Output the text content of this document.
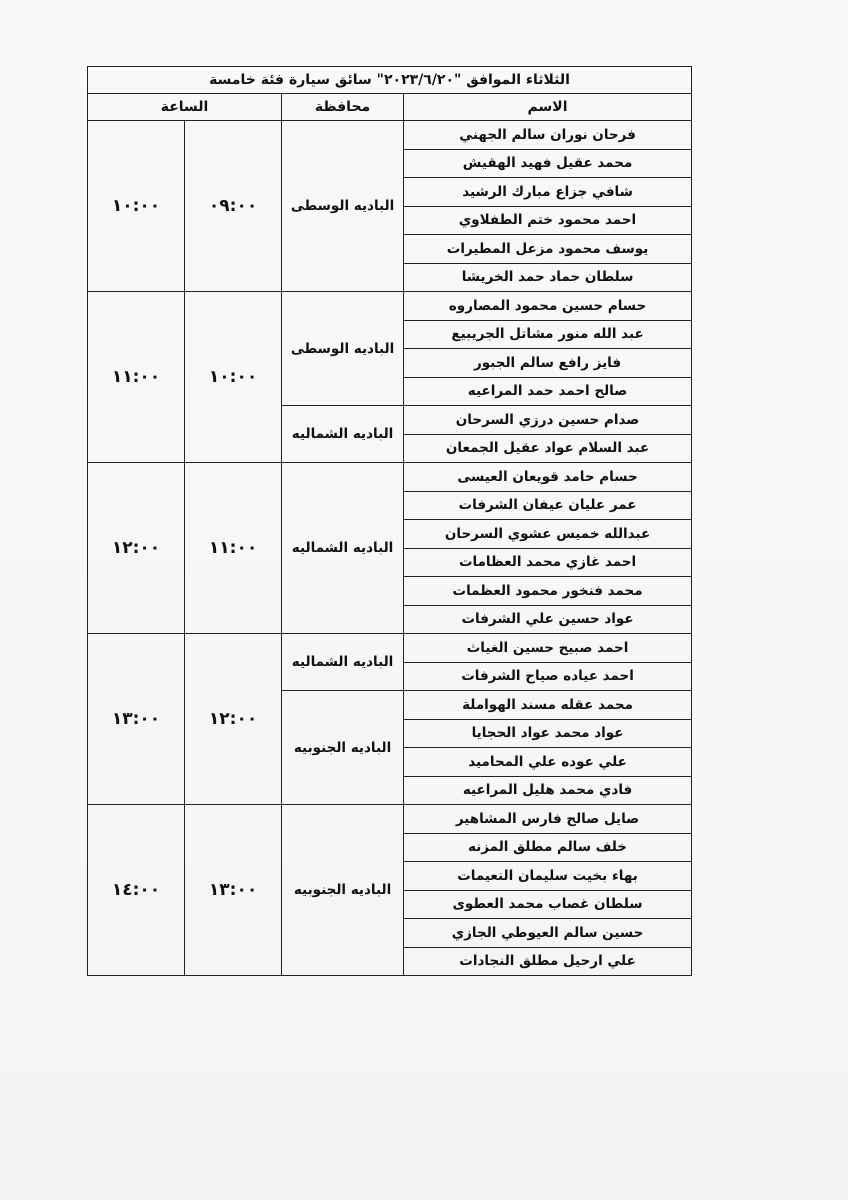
الثلاثاء الموافق "٢٠٢٣/٦/٢٠" سائق سيارة فئة خامسة			
الاسم	محافظة	الساعة	
فرحان نوران سالم الجهني	الباديه الوسطى	٠٩:٠٠	١٠:٠٠
محمد عقيل فهيد الهقيش			
شافي جزاع مبارك الرشيد			
احمد محمود ختم الطفلاوي			
يوسف محمود مزعل المطيرات			
سلطان حماد حمد الخريشا			
حسام حسين محمود المصاروه	الباديه الوسطى	١٠:٠٠	١١:٠٠
عبد الله منور مشاتل الجريبيع			
فايز رافع سالم الجبور			
صالح احمد حمد المراعيه			
صدام حسين درزي السرحان	الباديه الشماليه		
عبد السلام عواد عقيل الجمعان			
حسام حامد قويعان العيسى	الباديه الشماليه	١١:٠٠	١٢:٠٠
عمر عليان عيفان الشرفات			
عبدالله خميس عشوي السرحان			
احمد غازي محمد العظامات			
محمد فنخور محمود العظمات			
عواد حسين علي الشرفات			
احمد صبيح حسين الغياث	الباديه الشماليه	١٢:٠٠	١٣:٠٠
احمد عياده صياح الشرفات			
محمد عقله مسند الهواملة	الباديه الجنوبيه		
عواد محمد عواد الحجايا			
علي عوده علي المحاميد			
فادي محمد هليل المراعيه			
صايل صالح فارس المشاهير	الباديه الجنوبيه	١٣:٠٠	١٤:٠٠
خلف سالم مطلق المزنه			
بهاء بخيت سليمان النعيمات			
سلطان غصاب محمد العطوى			
حسين سالم العيوطي الجازي			
علي ارحيل مطلق النجادات			
